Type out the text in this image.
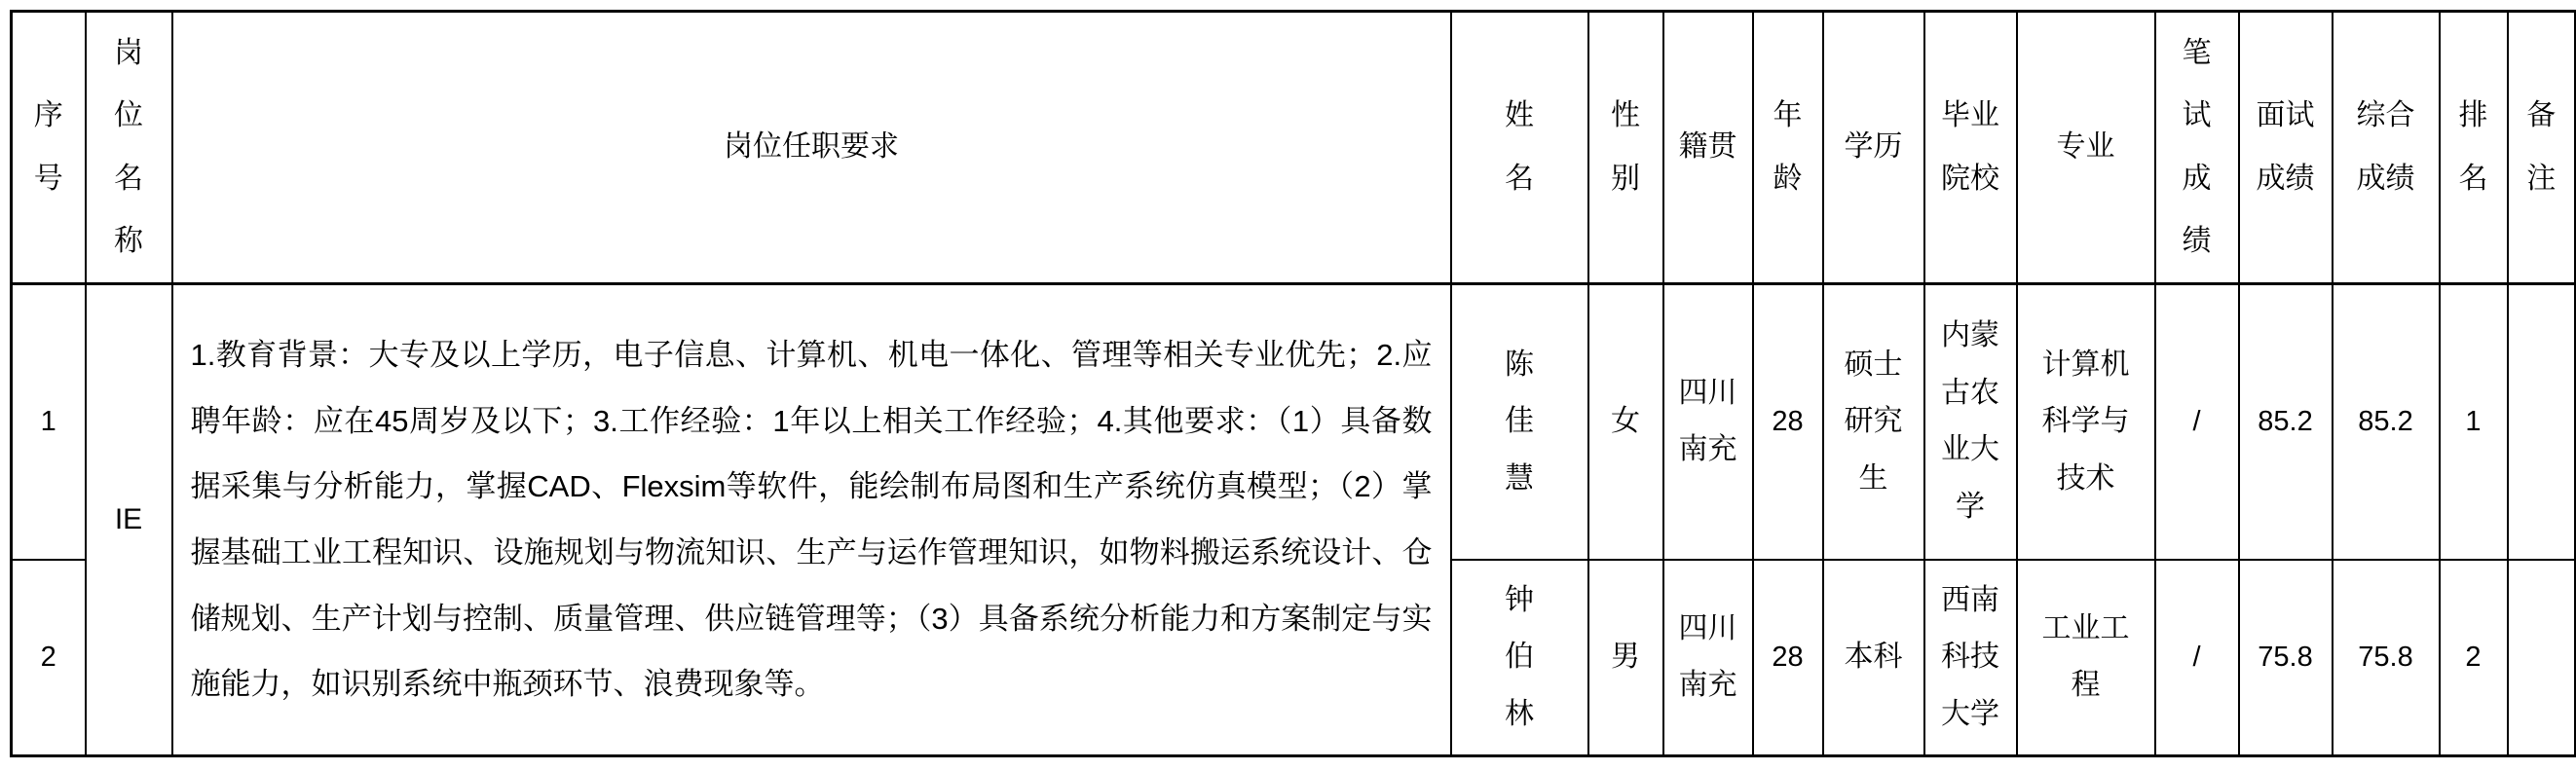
序号	岗位名称	岗位任职要求	姓名	性别	籍贯	年龄	学历	毕业院校	专业	笔试成绩	面试成绩	综合成绩	排名	备注
1	IE	1.教育背景：大专及以上学历，电子信息、计算机、机电一体化、管理等相关专业优先；2.应聘年龄：应在45周岁及以下；3.工作经验：1年以上相关工作经验；4.其他要求：（1）具备数据采集与分析能力，掌握CAD、Flexsim等软件，能绘制布局图和生产系统仿真模型；（2）掌握基础工业工程知识、设施规划与物流知识、生产与运作管理知识，如物料搬运系统设计、仓储规划、生产计划与控制、质量管理、供应链管理等；（3）具备系统分析能力和方案制定与实施能力，如识别系统中瓶颈环节、浪费现象等。	陈佳慧	女	四川南充	28	硕士研究生	内蒙古农业大学	计算机科学与技术	/	85.2	85.2	1	
2			钟伯林	男	四川南充	28	本科	西南科技大学	工业工程	/	75.8	75.8	2	
